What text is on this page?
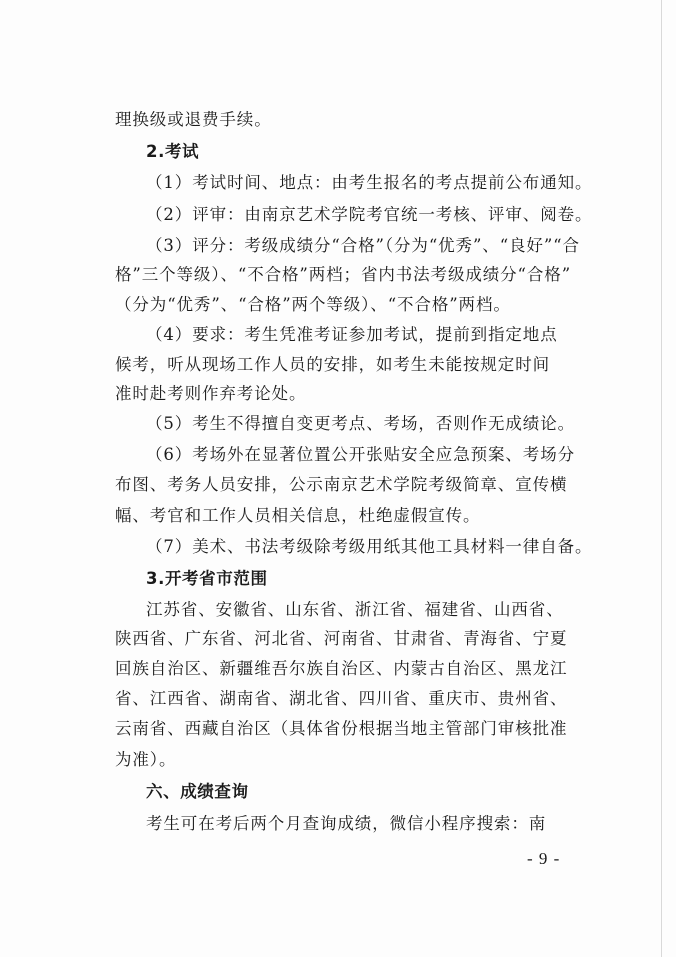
理换级或退费手续。
2.考试
（1）考试时间、地点：由考生报名的考点提前公布通知。
（2）评审：由南京艺术学院考官统一考核、评审、阅卷。
（3）评分：考级成绩分“合格”（分为“优秀”、“良好”“合
格”三个等级）、“不合格”两档；省内书法考级成绩分“合格”
（分为“优秀”、“合格”两个等级）、“不合格”两档。
（4）要求：考生凭准考证参加考试，提前到指定地点
候考，听从现场工作人员的安排，如考生未能按规定时间
准时赴考则作弃考论处。
（5）考生不得擅自变更考点、考场，否则作无成绩论。
（6）考场外在显著位置公开张贴安全应急预案、考场分
布图、考务人员安排，公示南京艺术学院考级简章、宣传横
幅、考官和工作人员相关信息，杜绝虚假宣传。
（7）美术、书法考级除考级用纸其他工具材料一律自备。
3.开考省市范围
江苏省、安徽省、山东省、浙江省、福建省、山西省、
陕西省、广东省、河北省、河南省、甘肃省、青海省、宁夏
回族自治区、新疆维吾尔族自治区、内蒙古自治区、黑龙江
省、江西省、湖南省、湖北省、四川省、重庆市、贵州省、
云南省、西藏自治区（具体省份根据当地主管部门审核批准
为准）。
六、成绩查询
考生可在考后两个月查询成绩，微信小程序搜索：南
- 9 -
